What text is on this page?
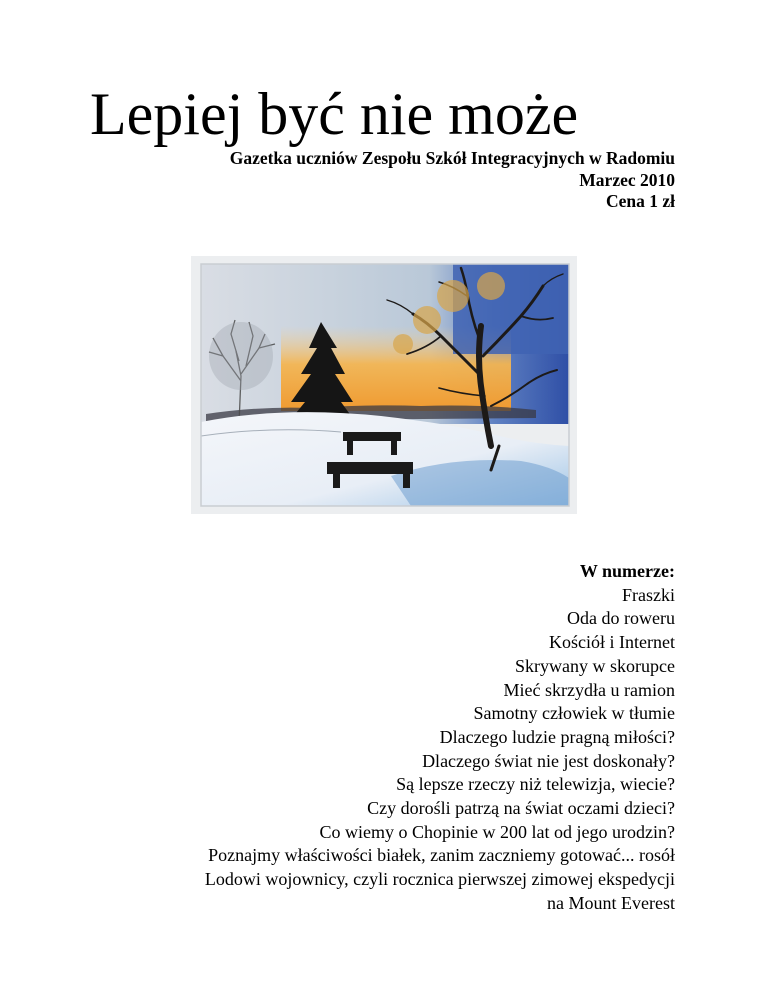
Lepiej być nie może
Gazetka uczniów Zespołu Szkół Integracyjnych w Radomiu
Marzec 2010
Cena 1 zł
W numerze:
Fraszki
Oda do roweru
Kościół i Internet
Skrywany w skorupce
Mieć skrzydła u ramion
Samotny człowiek w tłumie
Dlaczego ludzie pragną miłości?
Dlaczego świat nie jest doskonały?
Są lepsze rzeczy niż telewizja, wiecie?
Czy dorośli patrzą na świat oczami dzieci?
Co wiemy o Chopinie w 200 lat od jego urodzin?
Poznajmy właściwości białek, zanim zaczniemy gotować... rosół
Lodowi wojownicy, czyli rocznica pierwszej zimowej ekspedycji
na Mount Everest
